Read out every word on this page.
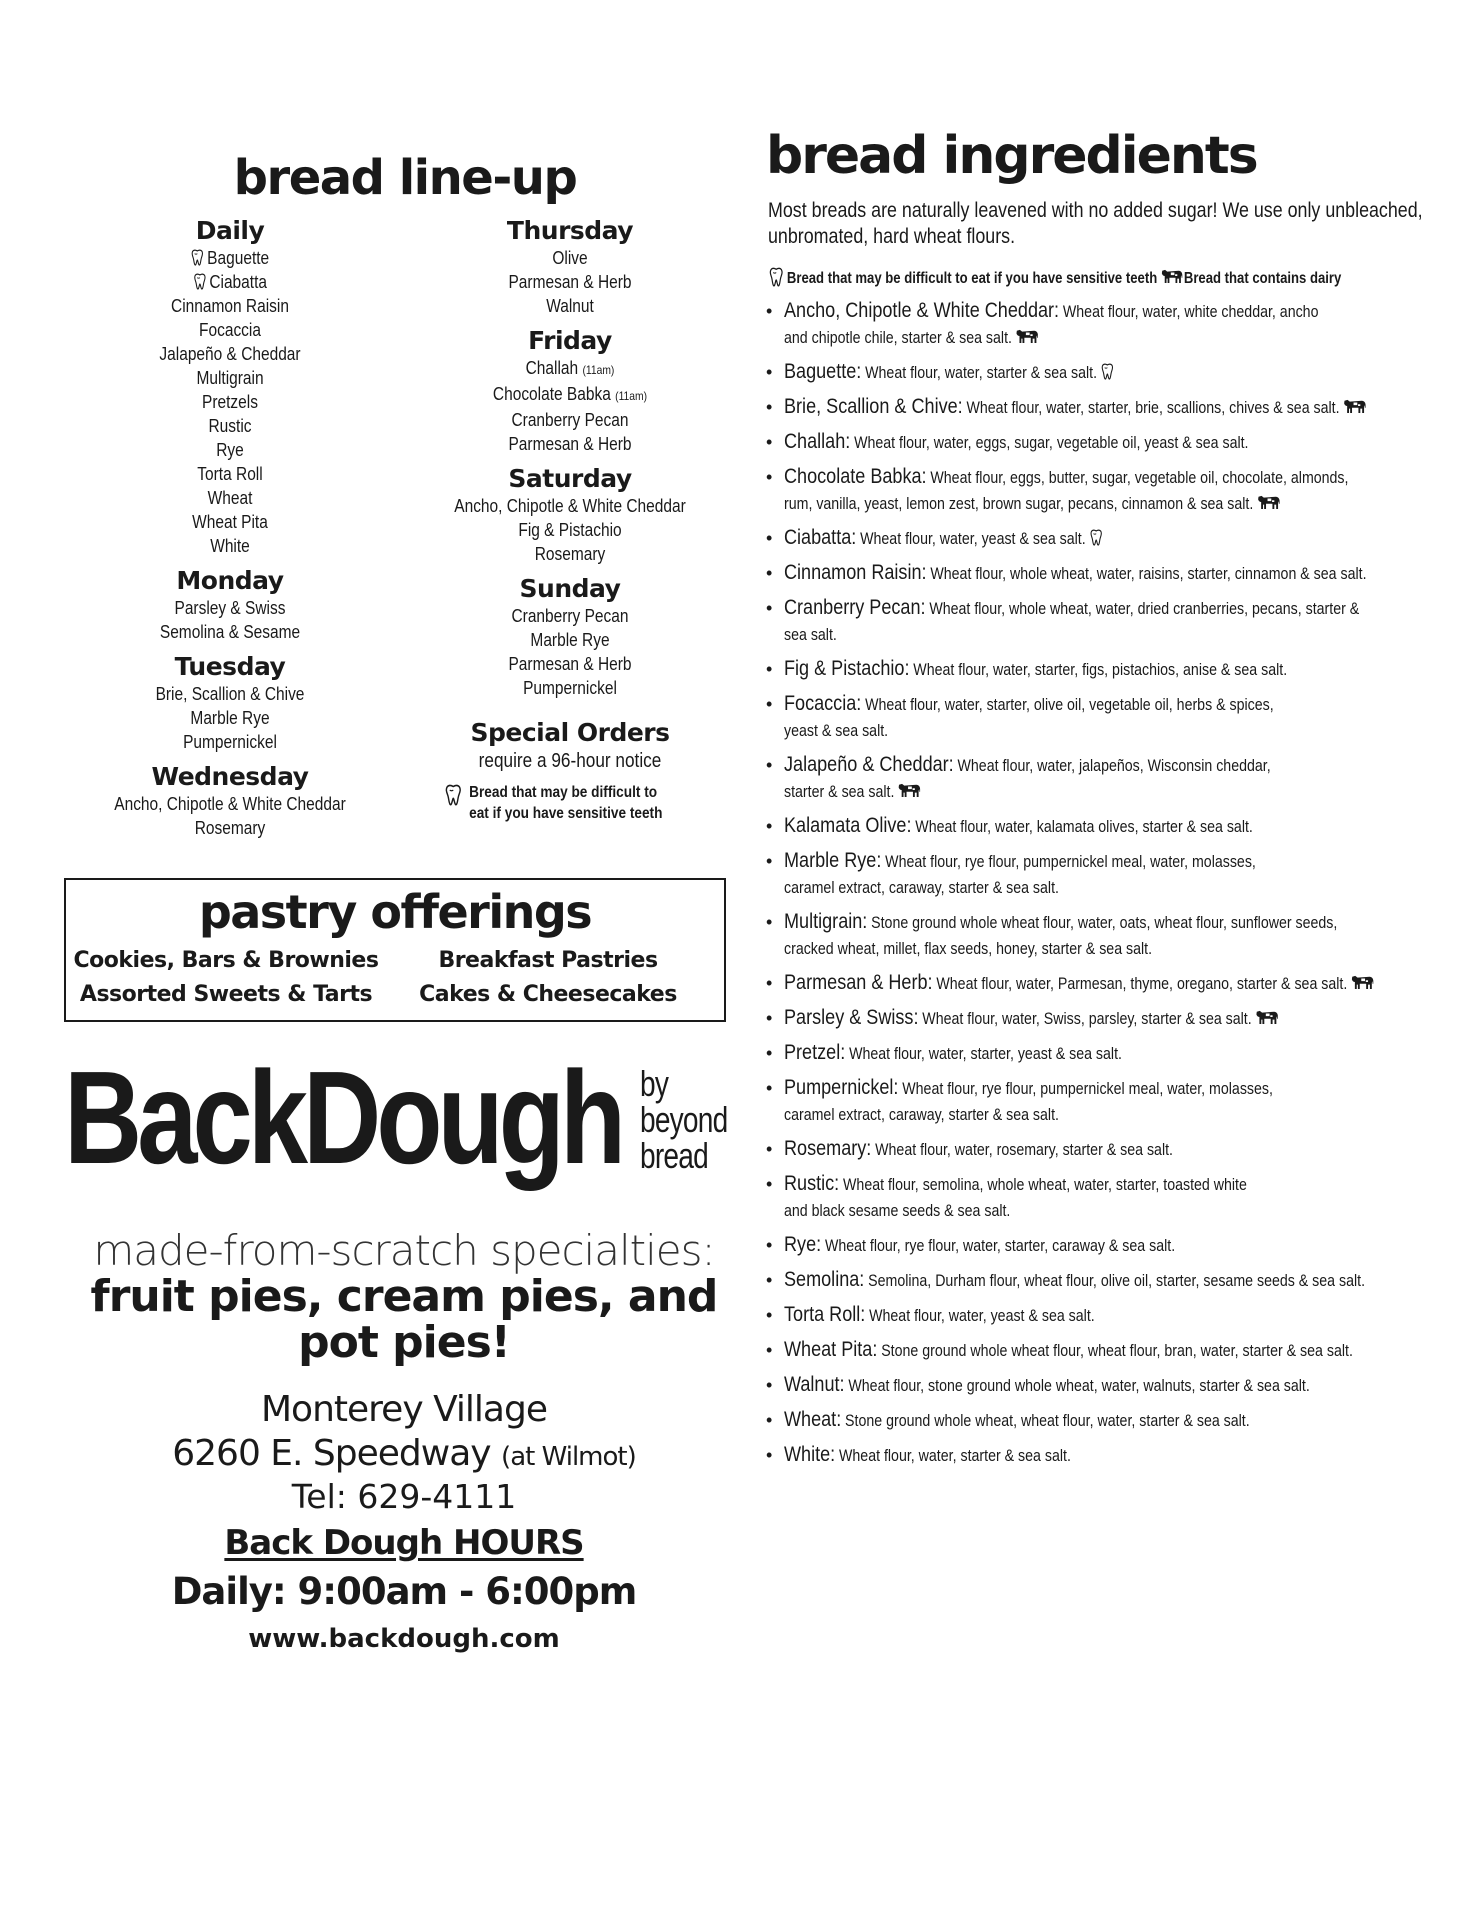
bread line-up
Daily
Baguette
Ciabatta
Cinnamon Raisin
Focaccia
Jalapeño & Cheddar
Multigrain
Pretzels
Rustic
Rye
Torta Roll
Wheat
Wheat Pita
White
Monday
Parsley & Swiss
Semolina & Sesame
Tuesday
Brie, Scallion & Chive
Marble Rye
Pumpernickel
Wednesday
Ancho, Chipotle & White Cheddar
Rosemary
Thursday
Olive
Parmesan & Herb
Walnut
Friday
Challah (11am)
Chocolate Babka (11am)
Cranberry Pecan
Parmesan & Herb
Saturday
Ancho, Chipotle & White Cheddar
Fig & Pistachio
Rosemary
Sunday
Cranberry Pecan
Marble Rye
Parmesan & Herb
Pumpernickel
Special Orders
require a 96-hour notice
Bread that may be difficult to
eat if you have sensitive teeth
pastry offerings
Cookies, Bars & Brownies	Breakfast Pastries
Assorted Sweets & Tarts	Cakes & Cheesecakes
BackDough by
beyond
bread
made-from-scratch specialties:
fruit pies, cream pies, and
pot pies!
Monterey Village
6260 E. Speedway (at Wilmot)
Tel: 629-4111
Back Dough HOURS
Daily: 9:00am - 6:00pm
www.backdough.com
bread ingredients
Most breads are naturally leavened with no added sugar! We use only unbleached, unbromated, hard wheat flours.
Bread that may be difficult to eat if you have sensitive teeth Bread that contains dairy
• Ancho, Chipotle & White Cheddar: Wheat flour, water, white cheddar, ancho
and chipotle chile, starter & sea salt.
• Baguette: Wheat flour, water, starter & sea salt.
• Brie, Scallion & Chive: Wheat flour, water, starter, brie, scallions, chives & sea salt.
• Challah: Wheat flour, water, eggs, sugar, vegetable oil, yeast & sea salt.
• Chocolate Babka: Wheat flour, eggs, butter, sugar, vegetable oil, chocolate, almonds,
rum, vanilla, yeast, lemon zest, brown sugar, pecans, cinnamon & sea salt.
• Ciabatta: Wheat flour, water, yeast & sea salt.
• Cinnamon Raisin: Wheat flour, whole wheat, water, raisins, starter, cinnamon & sea salt.
• Cranberry Pecan: Wheat flour, whole wheat, water, dried cranberries, pecans, starter &
sea salt.
• Fig & Pistachio: Wheat flour, water, starter, figs, pistachios, anise & sea salt.
• Focaccia: Wheat flour, water, starter, olive oil, vegetable oil, herbs & spices,
yeast & sea salt.
• Jalapeño & Cheddar: Wheat flour, water, jalapeños, Wisconsin cheddar,
starter & sea salt.
• Kalamata Olive: Wheat flour, water, kalamata olives, starter & sea salt.
• Marble Rye: Wheat flour, rye flour, pumpernickel meal, water, molasses,
caramel extract, caraway, starter & sea salt.
• Multigrain: Stone ground whole wheat flour, water, oats, wheat flour, sunflower seeds,
cracked wheat, millet, flax seeds, honey, starter & sea salt.
• Parmesan & Herb: Wheat flour, water, Parmesan, thyme, oregano, starter & sea salt.
• Parsley & Swiss: Wheat flour, water, Swiss, parsley, starter & sea salt.
• Pretzel: Wheat flour, water, starter, yeast & sea salt.
• Pumpernickel: Wheat flour, rye flour, pumpernickel meal, water, molasses,
caramel extract, caraway, starter & sea salt.
• Rosemary: Wheat flour, water, rosemary, starter & sea salt.
• Rustic: Wheat flour, semolina, whole wheat, water, starter, toasted white
and black sesame seeds & sea salt.
• Rye: Wheat flour, rye flour, water, starter, caraway & sea salt.
• Semolina: Semolina, Durham flour, wheat flour, olive oil, starter, sesame seeds & sea salt.
• Torta Roll: Wheat flour, water, yeast & sea salt.
• Wheat Pita: Stone ground whole wheat flour, wheat flour, bran, water, starter & sea salt.
• Walnut: Wheat flour, stone ground whole wheat, water, walnuts, starter & sea salt.
• Wheat: Stone ground whole wheat, wheat flour, water, starter & sea salt.
• White: Wheat flour, water, starter & sea salt.
